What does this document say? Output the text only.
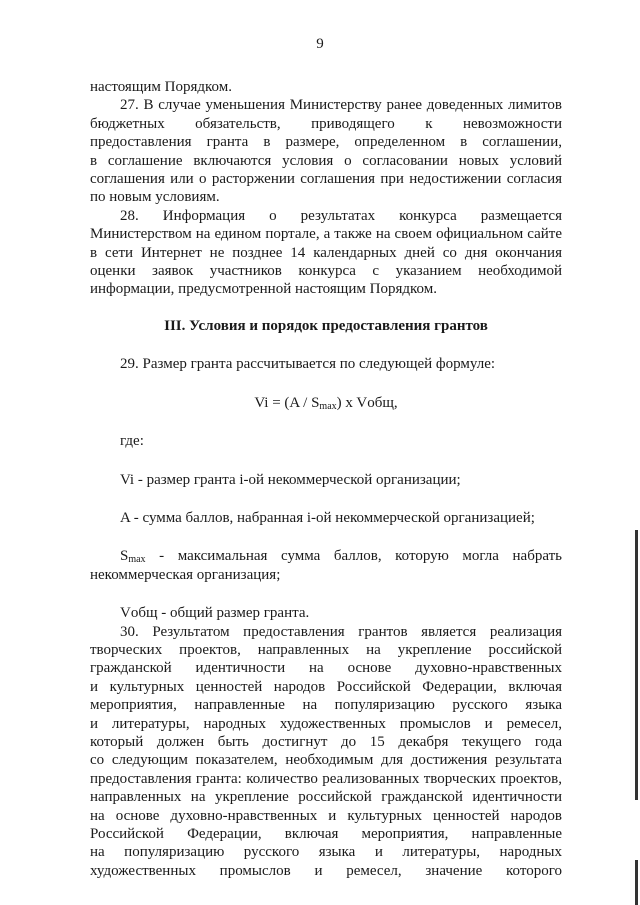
9

настоящим Порядком.

27. В случае уменьшения Министерству ранее доведенных лимитов

бюджетных обязательств, приводящего к невозможности

предоставления гранта в размере, определенном в соглашении,

в соглашение включаются условия о согласовании новых условий

соглашения или о расторжении соглашения при недостижении согласия

по новым условиям.

28. Информация о результатах конкурса размещается

Министерством на едином портале, а также на своем официальном сайте

в сети Интернет не позднее 14 календарных дней со дня окончания

оценки заявок участников конкурса с указанием необходимой

информации, предусмотренной настоящим Порядком.

III. Условия и порядок предоставления грантов

29. Размер гранта рассчитывается по следующей формуле:

$Vi = (A / S_{max})$ x Vобщ,

где:

Vi - размер гранта i-ой некоммерческой организации;

A - сумма баллов, набранная i-ой некоммерческой организацией;

$S_{max}$ - максимальная сумма баллов, которую могла набрать

некоммерческая организация;

Vобщ - общий размер гранта.

30. Результатом предоставления грантов является реализация

творческих проектов, направленных на укрепление российской

гражданской идентичности на основе духовно-нравственных

и культурных ценностей народов Российской Федерации, включая

мероприятия, направленные на популяризацию русского языка

и литературы, народных художественных промыслов и ремесел,

который должен быть достигнут до 15 декабря текущего года

со следующим показателем, необходимым для достижения результата

предоставления гранта: количество реализованных творческих проектов,

направленных на укрепление российской гражданской идентичности

на основе духовно-нравственных и культурных ценностей народов

Российской Федерации, включая мероприятия, направленные

на популяризацию русского языка и литературы, народных

художественных промыслов и ремесел, значение которого
